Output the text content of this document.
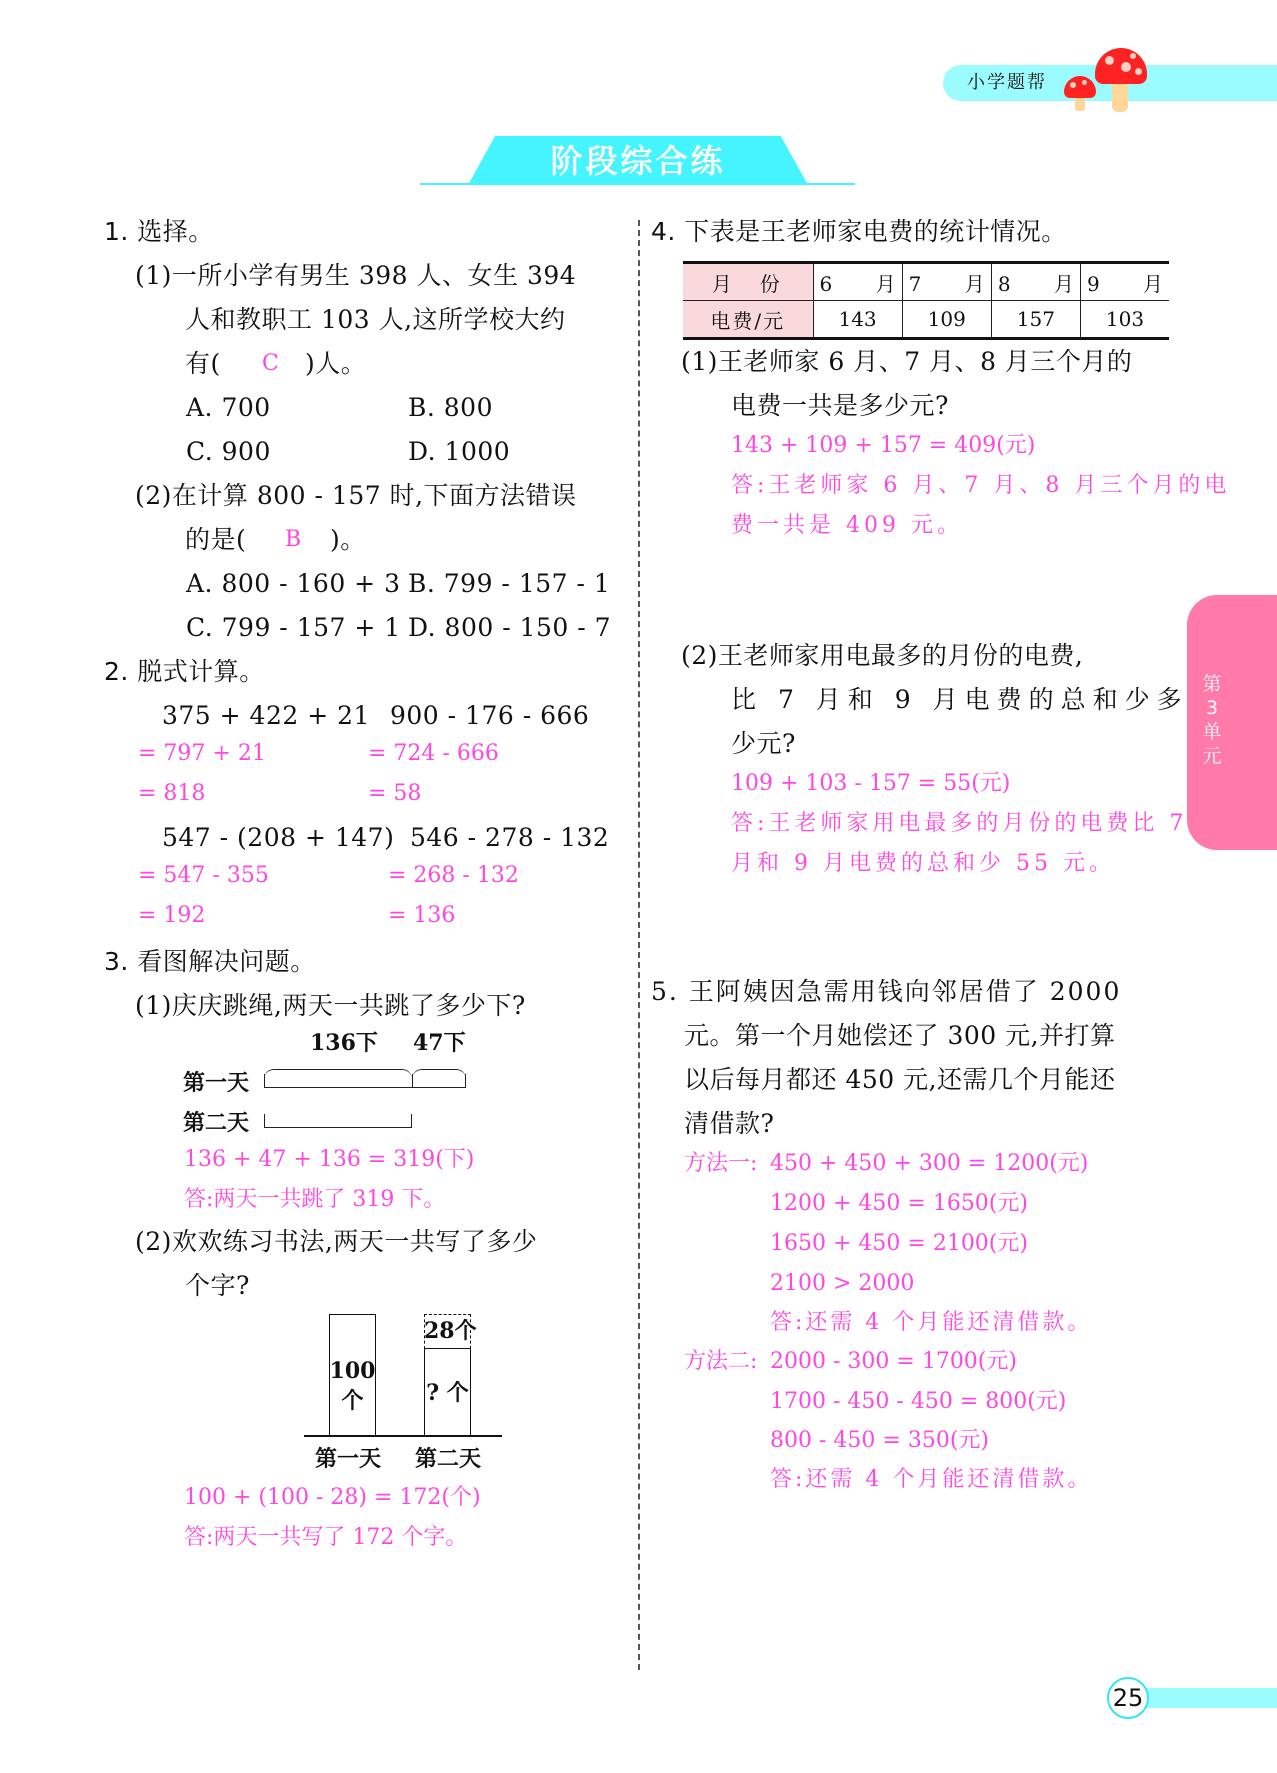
小学题帮
阶段综合练
第3单元
25
1. 选择。
(1)一所小学有男生 398 人、女生 394
人和教职工 103 人,这所学校大约
有( C )人。
A. 700	B. 800
C. 900	D. 1000
(2)在计算 800 - 157 时,下面方法错误
的是( B )。
A. 800 - 160 + 3 B. 799 - 157 - 1
C. 799 - 157 + 1 D. 800 - 150 - 7
2. 脱式计算。
375 + 422 + 21 900 - 176 - 666
= 797 + 21	= 724 - 666
= 818	= 58
547 - (208 + 147) 546 - 278 - 132
= 547 - 355	= 268 - 132
= 192	= 136
3. 看图解决问题。
(1)庆庆跳绳,两天一共跳了多少下?
136下 47下
第一天
第二天
136 + 47 + 136 = 319(下)
答:两天一共跳了 319 下。
(2)欢欢练习书法,两天一共写了多少
个字?
100
个
28个
? 个
第一天 第二天
100 + (100 - 28) = 172(个)
答:两天一共写了 172 个字。
4. 下表是王老师家电费的统计情况。
月　份	6　月	7　月	8　月	9　月
电费/元	143	109	157	103
(1)王老师家 6 月、7 月、8 月三个月的
电费一共是多少元?
143 + 109 + 157 = 409(元)
答:王老师家 6 月、7 月、8 月三个月的电
费一共是 409 元。
(2)王老师家用电最多的月份的电费,
比 7 月和 9 月电费的总和少多
少元?
109 + 103 - 157 = 55(元)
答:王老师家用电最多的月份的电费比 7
月和 9 月电费的总和少 55 元。
5. 王阿姨因急需用钱向邻居借了 2000
元。第一个月她偿还了 300 元,并打算
以后每月都还 450 元,还需几个月能还
清借款?
方法一: 450 + 450 + 300 = 1200(元)
1200 + 450 = 1650(元)
1650 + 450 = 2100(元)
2100 > 2000
答:还需 4 个月能还清借款。
方法二: 2000 - 300 = 1700(元)
1700 - 450 - 450 = 800(元)
800 - 450 = 350(元)
答:还需 4 个月能还清借款。
